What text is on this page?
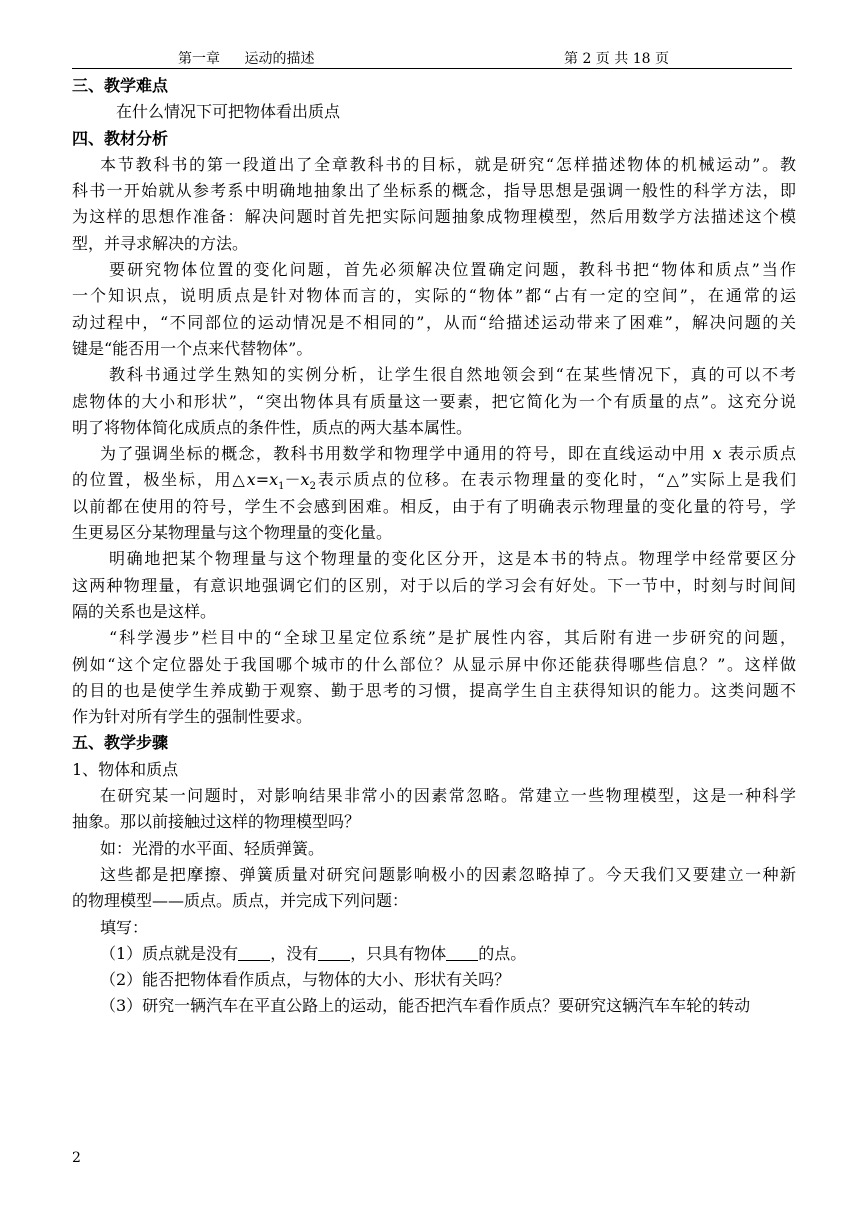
第一章 运动的描述	第 2 页 共 18 页
三、教学难点
在什么情况下可把物体看出质点
四、教材分析
本节教科书的第一段道出了全章教科书的目标，就是研究“怎样描述物体的机械运动”。教
科书一开始就从参考系中明确地抽象出了坐标系的概念，指导思想是强调一般性的科学方法，即
为这样的思想作准备：解决问题时首先把实际问题抽象成物理模型，然后用数学方法描述这个模
型，并寻求解决的方法。
要研究物体位置的变化问题，首先必须解决位置确定问题，教科书把“物体和质点”当作
一个知识点，说明质点是针对物体而言的，实际的“物体”都“占有一定的空间”，在通常的运
动过程中，“不同部位的运动情况是不相同的”，从而“给描述运动带来了困难”，解决问题的关
键是“能否用一个点来代替物体”。
教科书通过学生熟知的实例分析，让学生很自然地领会到“在某些情况下，真的可以不考
虑物体的大小和形状”，“突出物体具有质量这一要素，把它简化为一个有质量的点”。这充分说
明了将物体简化成质点的条件性，质点的两大基本属性。
为了强调坐标的概念，教科书用数学和物理学中通用的符号，即在直线运动中用 x 表示质点
的位置，极坐标，用$\triangle x=x_1-x_2$表示质点的位移。在表示物理量的变化时，“△”实际上是我们
以前都在使用的符号，学生不会感到困难。相反，由于有了明确表示物理量的变化量的符号，学
生更易区分某物理量与这个物理量的变化量。
明确地把某个物理量与这个物理量的变化区分开，这是本书的特点。物理学中经常要区分
这两种物理量，有意识地强调它们的区别，对于以后的学习会有好处。下一节中，时刻与时间间
隔的关系也是这样。
“科学漫步”栏目中的“全球卫星定位系统”是扩展性内容，其后附有进一步研究的问题，
例如“这个定位器处于我国哪个城市的什么部位？从显示屏中你还能获得哪些信息？”。这样做
的目的也是使学生养成勤于观察、勤于思考的习惯，提高学生自主获得知识的能力。这类问题不
作为针对所有学生的强制性要求。
五、教学步骤
1、物体和质点
在研究某一问题时，对影响结果非常小的因素常忽略。常建立一些物理模型，这是一种科学
抽象。那以前接触过这样的物理模型吗？
如：光滑的水平面、轻质弹簧。
这些都是把摩擦、弹簧质量对研究问题影响极小的因素忽略掉了。今天我们又要建立一种新
的物理模型——质点。质点，并完成下列问题：
填写：
（1）质点就是没有 ，没有 ，只具有物体 的点。
（2）能否把物体看作质点，与物体的大小、形状有关吗？
（3）研究一辆汽车在平直公路上的运动，能否把汽车看作质点？要研究这辆汽车车轮的转动
2
